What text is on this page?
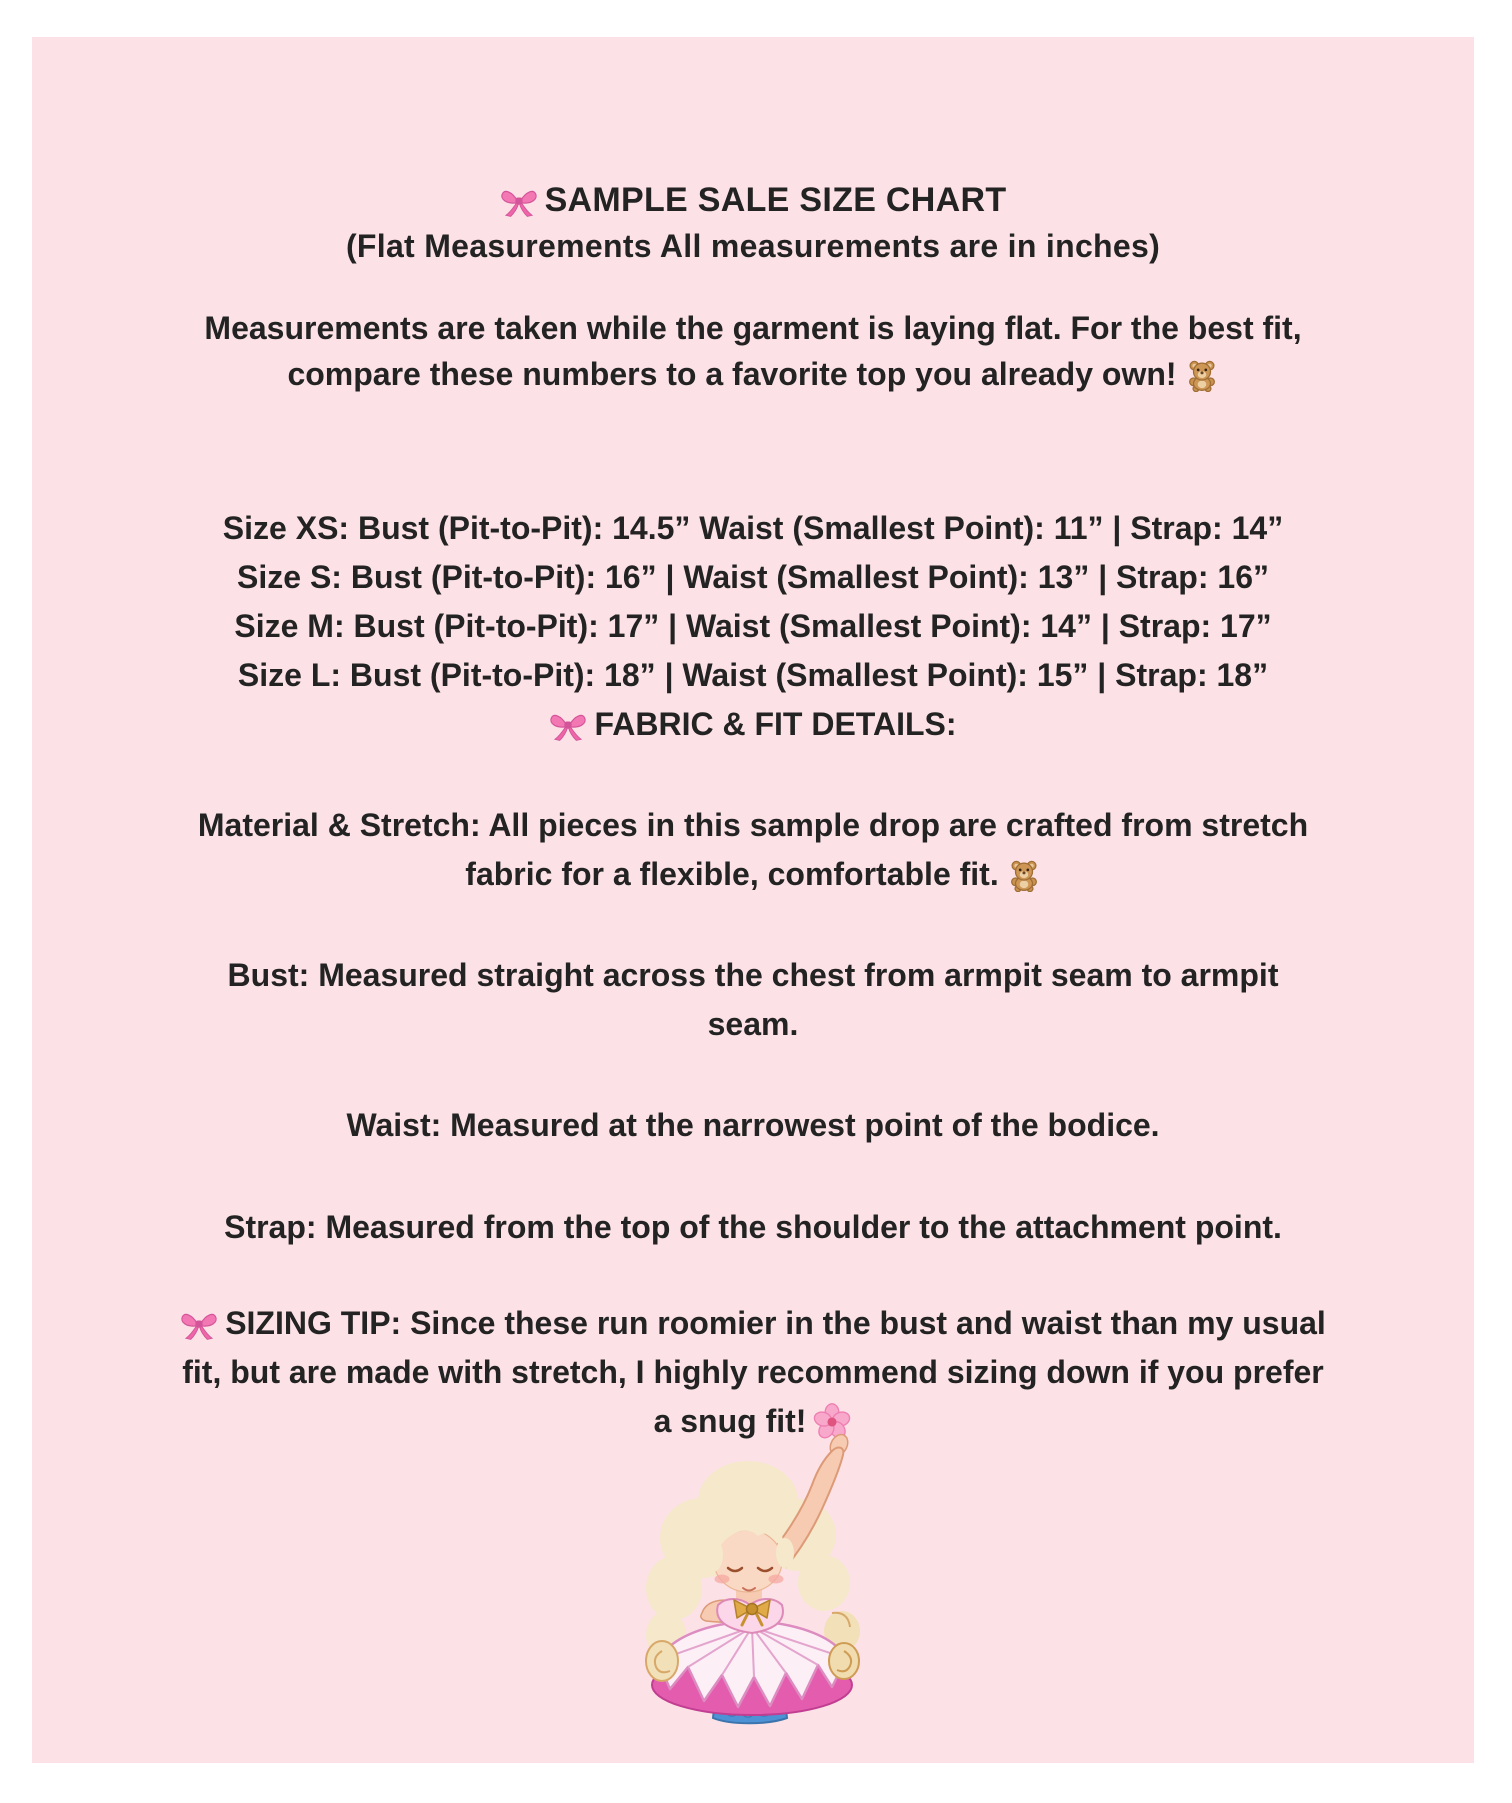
SAMPLE SALE SIZE CHART
(Flat Measurements All measurements are in inches)
Measurements are taken while the garment is laying flat. For the best fit,
compare these numbers to a favorite top you already own!
Size XS: Bust (Pit-to-Pit): 14.5” Waist (Smallest Point): 11” | Strap: 14”
Size S: Bust (Pit-to-Pit): 16” | Waist (Smallest Point): 13” | Strap: 16”
Size M: Bust (Pit-to-Pit): 17” | Waist (Smallest Point): 14” | Strap: 17”
Size L: Bust (Pit-to-Pit): 18” | Waist (Smallest Point): 15” | Strap: 18”
FABRIC & FIT DETAILS:
Material & Stretch: All pieces in this sample drop are crafted from stretch
fabric for a flexible, comfortable fit.
Bust: Measured straight across the chest from armpit seam to armpit
seam.
Waist: Measured at the narrowest point of the bodice.
Strap: Measured from the top of the shoulder to the attachment point.
SIZING TIP: Since these run roomier in the bust and waist than my usual
fit, but are made with stretch, I highly recommend sizing down if you prefer
a snug fit!
